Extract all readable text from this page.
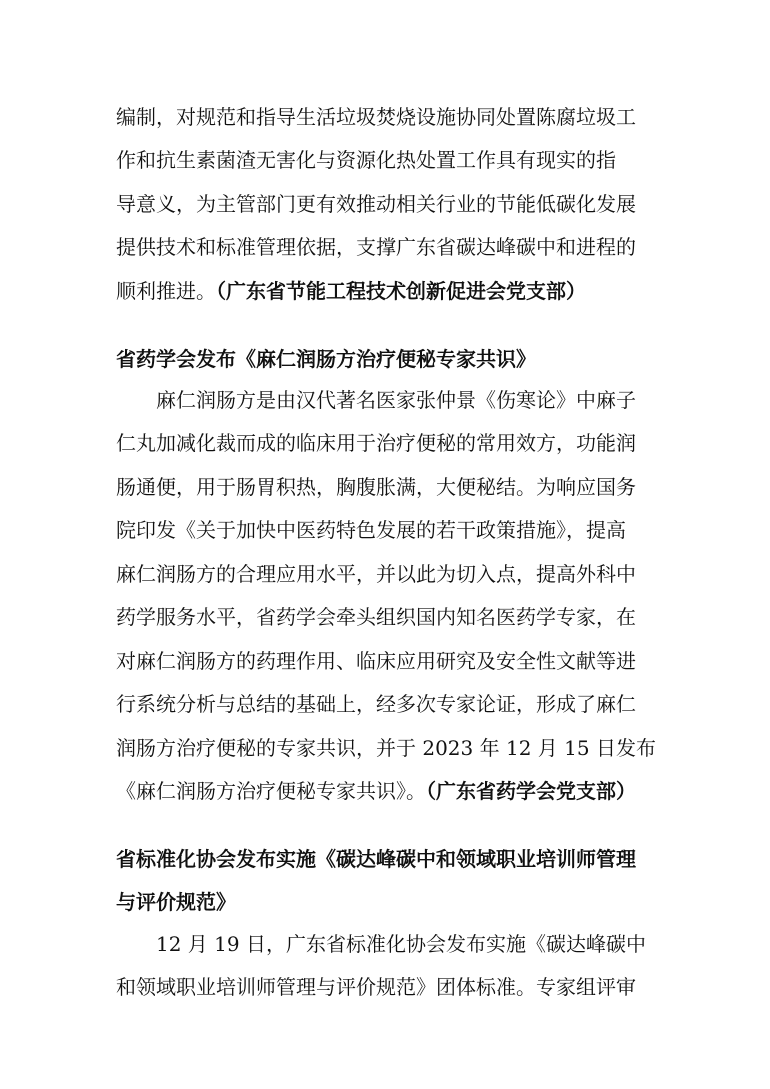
编制，对规范和指导生活垃圾焚烧设施协同处置陈腐垃圾工
作和抗生素菌渣无害化与资源化热处置工作具有现实的指
导意义，为主管部门更有效推动相关行业的节能低碳化发展
提供技术和标准管理依据，支撑广东省碳达峰碳中和进程的
顺利推进。（广东省节能工程技术创新促进会党支部）
省药学会发布《麻仁润肠方治疗便秘专家共识》
麻仁润肠方是由汉代著名医家张仲景《伤寒论》中麻子
仁丸加减化裁而成的临床用于治疗便秘的常用效方，功能润
肠通便，用于肠胃积热，胸腹胀满，大便秘结。为响应国务
院印发《关于加快中医药特色发展的若干政策措施》，提高
麻仁润肠方的合理应用水平，并以此为切入点，提高外科中
药学服务水平，省药学会牵头组织国内知名医药学专家，在
对麻仁润肠方的药理作用、临床应用研究及安全性文献等进
行系统分析与总结的基础上，经多次专家论证，形成了麻仁
润肠方治疗便秘的专家共识，并于 2023 年 12 月 15 日发布
《麻仁润肠方治疗便秘专家共识》。（广东省药学会党支部）
省标准化协会发布实施《碳达峰碳中和领域职业培训师管理
与评价规范》
12 月 19 日，广东省标准化协会发布实施《碳达峰碳中
和领域职业培训师管理与评价规范》团体标准。专家组评审
